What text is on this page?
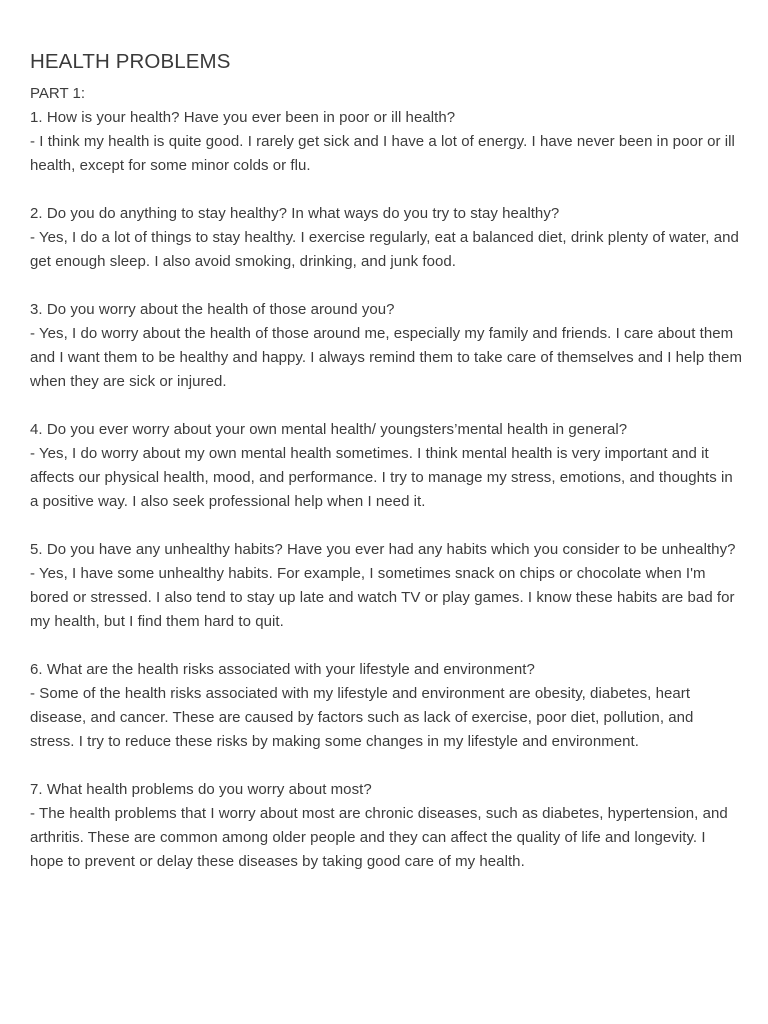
HEALTH PROBLEMS

PART 1:

1. How is your health? Have you ever been in poor or ill health?

- I think my health is quite good. I rarely get sick and I have a lot of energy. I have never been in poor or ill health, except for some minor colds or flu.

2. Do you do anything to stay healthy? In what ways do you try to stay healthy?

- Yes, I do a lot of things to stay healthy. I exercise regularly, eat a balanced diet, drink plenty of water, and get enough sleep. I also avoid smoking, drinking, and junk food.

3. Do you worry about the health of those around you?

- Yes, I do worry about the health of those around me, especially my family and friends. I care about them and I want them to be healthy and happy. I always remind them to take care of themselves and I help them when they are sick or injured.

4. Do you ever worry about your own mental health/ youngsters’mental health in general?

- Yes, I do worry about my own mental health sometimes. I think mental health is very important and it affects our physical health, mood, and performance. I try to manage my stress, emotions, and thoughts in a positive way. I also seek professional help when I need it.

5. Do you have any unhealthy habits? Have you ever had any habits which you consider to be unhealthy?

- Yes, I have some unhealthy habits. For example, I sometimes snack on chips or chocolate when I'm bored or stressed. I also tend to stay up late and watch TV or play games. I know these habits are bad for my health, but I find them hard to quit.

6. What are the health risks associated with your lifestyle and environment?

- Some of the health risks associated with my lifestyle and environment are obesity, diabetes, heart disease, and cancer. These are caused by factors such as lack of exercise, poor diet, pollution, and stress. I try to reduce these risks by making some changes in my lifestyle and environment.

7. What health problems do you worry about most?

- The health problems that I worry about most are chronic diseases, such as diabetes, hypertension, and arthritis. These are common among older people and they can affect the quality of life and longevity. I hope to prevent or delay these diseases by taking good care of my health.
